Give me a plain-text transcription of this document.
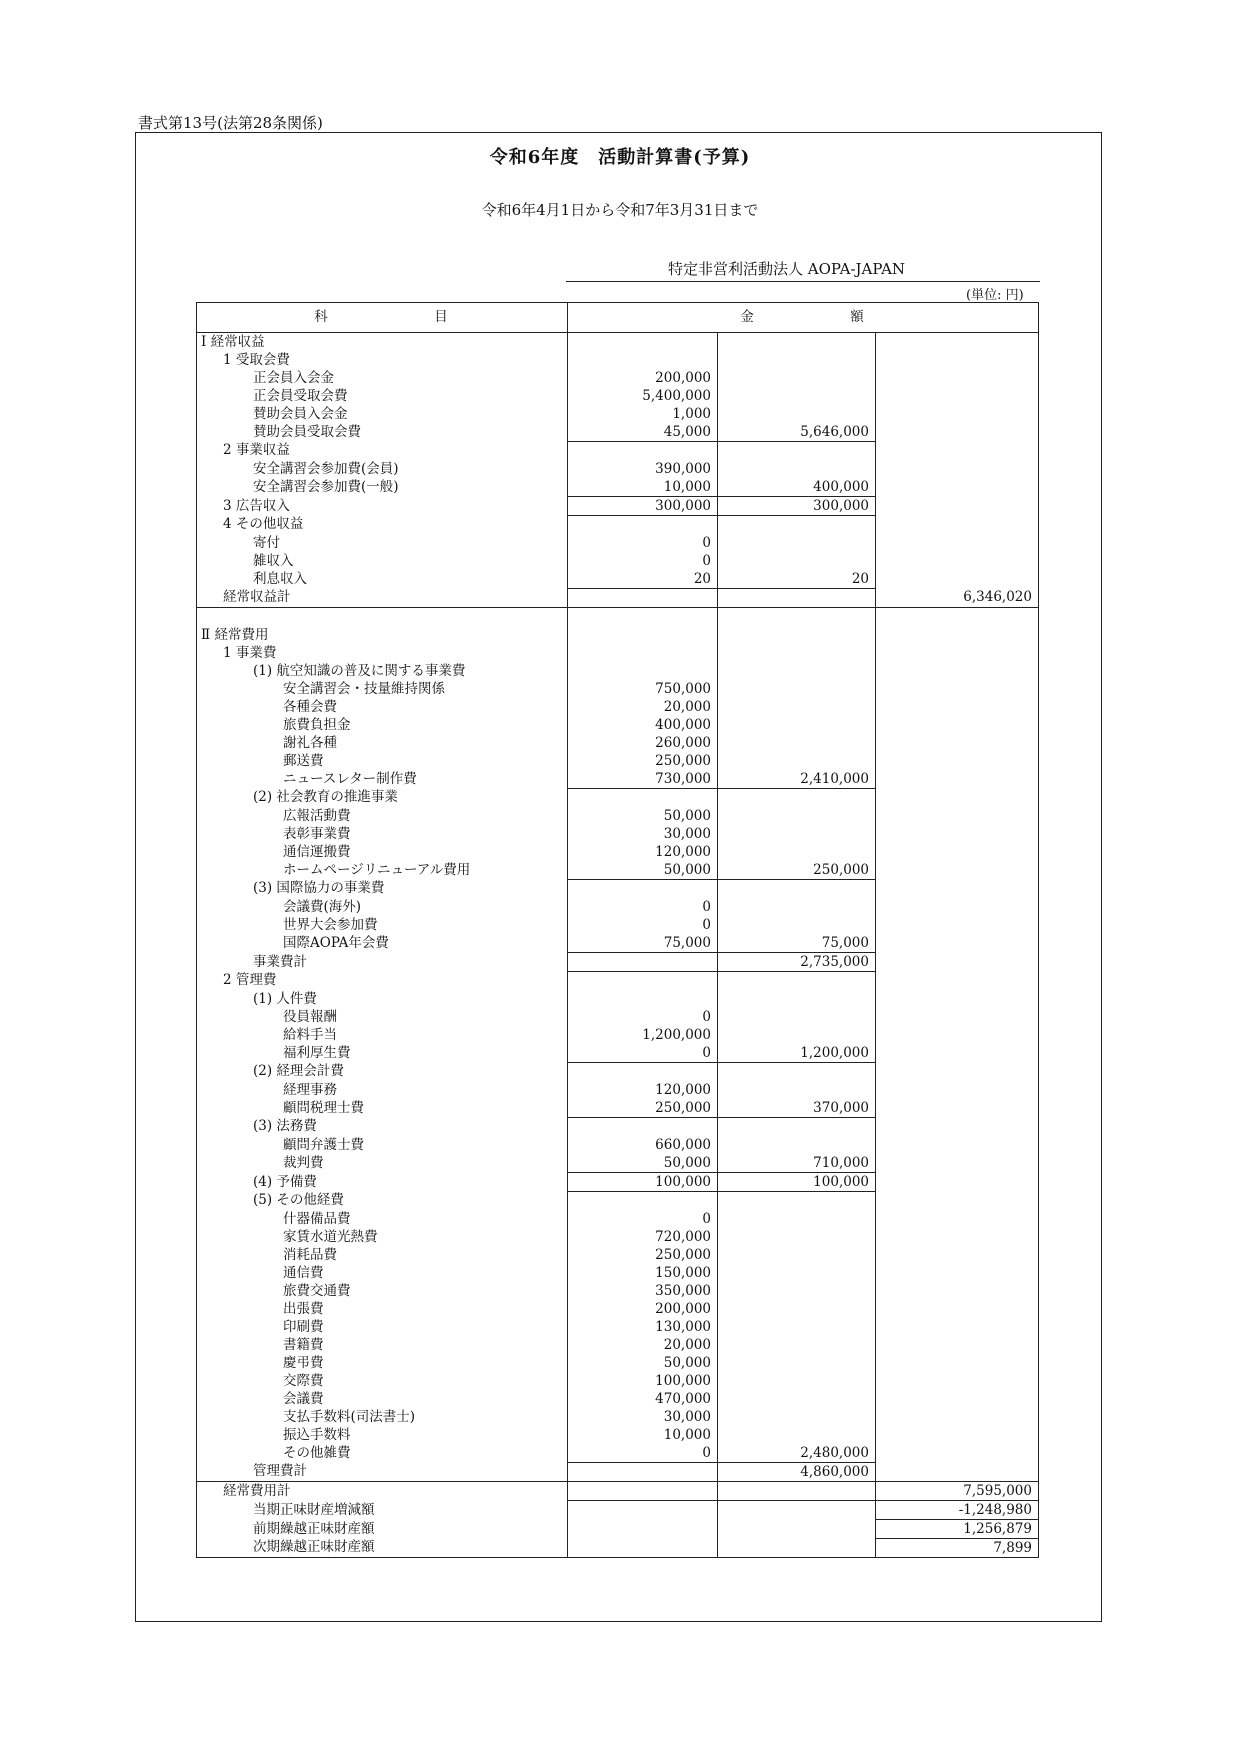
書式第13号(法第28条関係)
令和6年度　活動計算書(予算)
令和6年4月1日から令和7年3月31日まで
特定非営利活動法人 AOPA-JAPAN
(単位: 円)
科 目	金 額		

Ⅰ 経常収益			
1 受取会費			
正会員入会金	200,000		
正会員受取会費	5,400,000		
賛助会員入会金	1,000		
賛助会員受取会費	45,000	5,646,000	
2 事業収益			
安全講習会参加費(会員)	390,000		
安全講習会参加費(一般)	10,000	400,000	
3 広告収入	300,000	300,000	
4 その他収益			
寄付	0		
雑収入	0		
利息収入	20	20	
経常収益計			6,346,020

Ⅱ 経常費用			
1 事業費			
(1) 航空知識の普及に関する事業費			
安全講習会・技量維持関係	750,000		
各種会費	20,000		
旅費負担金	400,000		
謝礼各種	260,000		
郵送費	250,000		
ニュースレター制作費	730,000	2,410,000	
(2) 社会教育の推進事業			
広報活動費	50,000		
表彰事業費	30,000		
通信運搬費	120,000		
ホームページリニューアル費用	50,000	250,000	
(3) 国際協力の事業費			
会議費(海外)	0		
世界大会参加費	0		
国際AOPA年会費	75,000	75,000	
事業費計		2,735,000	
2 管理費			
(1) 人件費			
役員報酬	0		
給料手当	1,200,000		
福利厚生費	0	1,200,000	
(2) 経理会計費			
経理事務	120,000		
顧問税理士費	250,000	370,000	
(3) 法務費			
顧問弁護士費	660,000		
裁判費	50,000	710,000	
(4) 予備費	100,000	100,000	
(5) その他経費			
什器備品費	0		
家賃水道光熱費	720,000		
消耗品費	250,000		
通信費	150,000		
旅費交通費	350,000		
出張費	200,000		
印刷費	130,000		
書籍費	20,000		
慶弔費	50,000		
交際費	100,000		
会議費	470,000		
支払手数料(司法書士)	30,000		
振込手数料	10,000		
その他雑費	0	2,480,000	
管理費計		4,860,000	
経常費用計			7,595,000
当期正味財産増減額			-1,248,980
前期繰越正味財産額			1,256,879
次期繰越正味財産額			7,899
